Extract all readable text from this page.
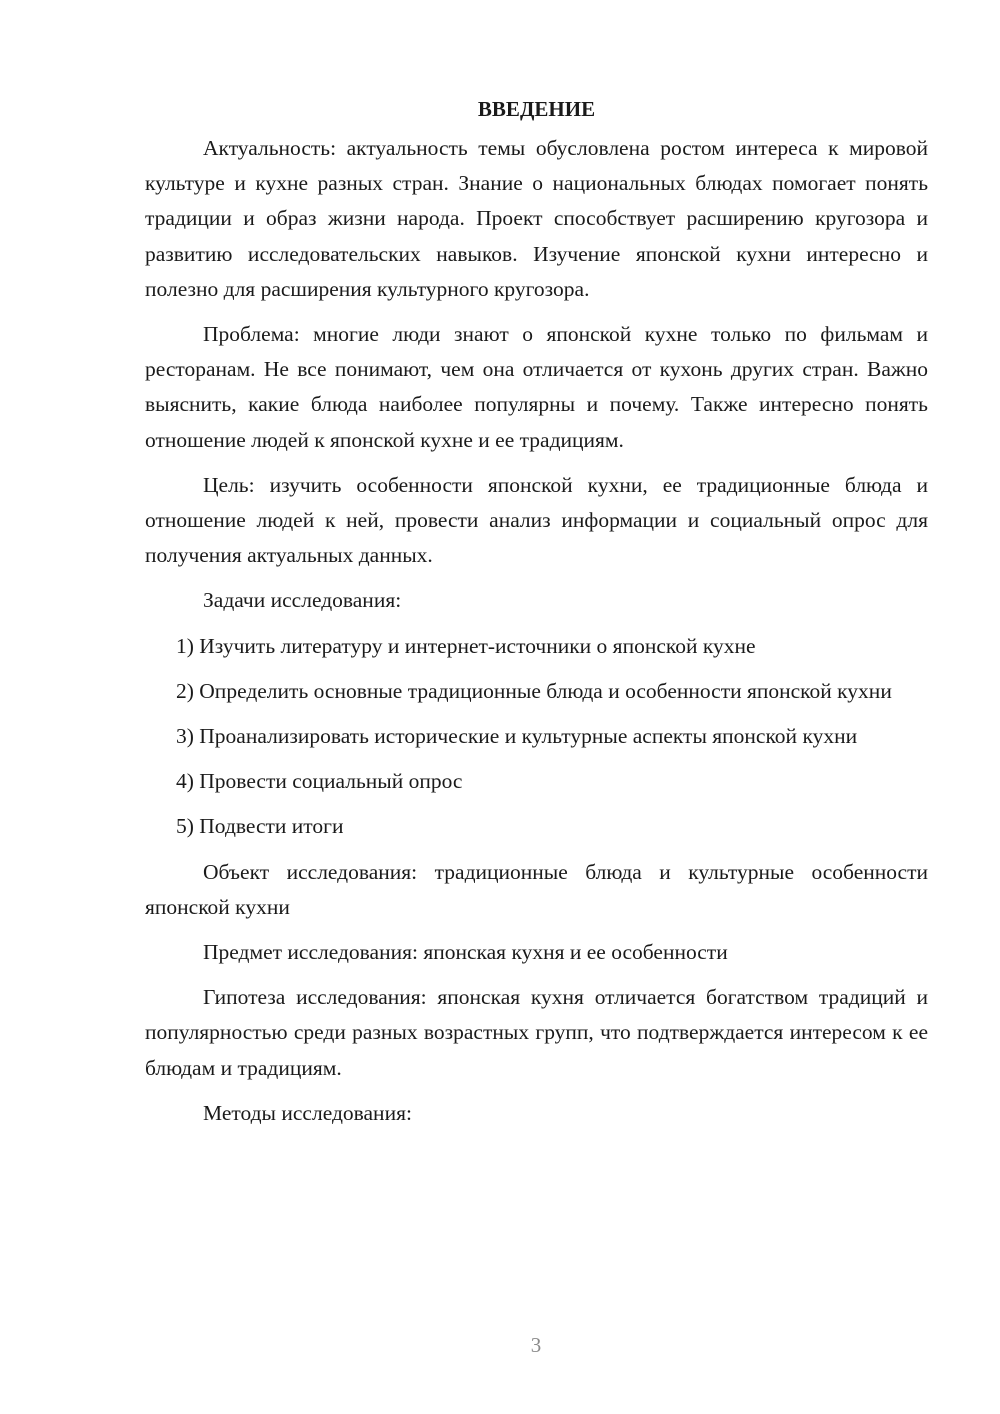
ВВЕДЕНИЕ

Актуальность: актуальность темы обусловлена ростом интереса к мировой культуре и кухне разных стран. Знание о национальных блюдах помогает понять традиции и образ жизни народа. Проект способствует расширению кругозора и развитию исследовательских навыков. Изучение японской кухни интересно и полезно для расширения культурного кругозора.

Проблема: многие люди знают о японской кухне только по фильмам и ресторанам. Не все понимают, чем она отличается от кухонь других стран. Важно выяснить, какие блюда наиболее популярны и почему. Также интересно понять отношение людей к японской кухне и ее традициям.

Цель: изучить особенности японской кухни, ее традиционные блюда и отношение людей к ней, провести анализ информации и социальный опрос для получения актуальных данных.

Задачи исследования:

1) Изучить литературу и интернет-источники о японской кухне

2) Определить основные традиционные блюда и особенности японской кухни

3) Проанализировать исторические и культурные аспекты японской кухни

4) Провести социальный опрос

5) Подвести итоги

Объект исследования: традиционные блюда и культурные особенности японской кухни

Предмет исследования: японская кухня и ее особенности

Гипотеза исследования: японская кухня отличается богатством традиций и популярностью среди разных возрастных групп, что подтверждается интересом к ее блюдам и традициям.

Методы исследования:

3
